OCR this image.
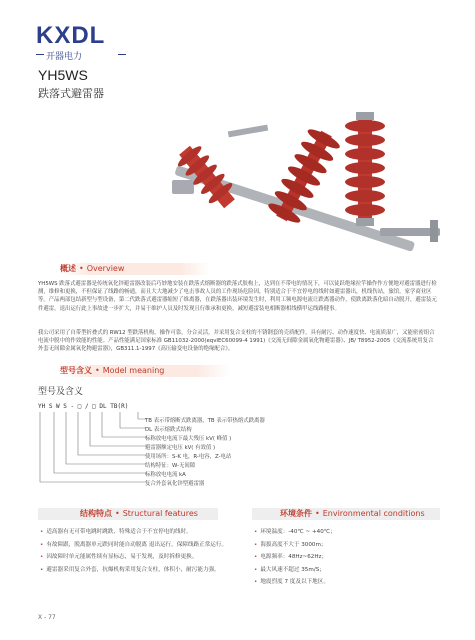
KXDL
开器电力
YH5WS
跌落式避雷器
概述 • Overview
YH5WS 跌落式避雷器是传统氧化锌避雷器改装后巧妙地安装在跌落式熔断器的跌落式肢构上，达到在不带电的情况下，可以徒跃绝缘拉竿操作作方便地对避雷器进行检测，维修和更换，不但保证了线路的畅通，而且大大地减少了电击事故人员的工作现场危险因，特别适合于不宜停电的线时如避雷器出，机线伤站，旅馆，家学商业区等。产品两部包结新型与型设备，第二代跌落式避雷器缩短了维离器，在跌落器出装环境发生时，利用工频电源电流让跌离器动作，使跌离跌落化暗自动脱开，避雷装元件避雷，退出运行此上事故进一步扩大，并易于维护人员及时发现且行维承和更换，减短避雷装电相断器相线横甲运线路健事。
我公司采用了自带型折叠式的 RW12 型跌落机构，操作可靠，分合灵活，并采用复合支柱的不锈钢套的壳质配件，具有耐污、动作速度快、电流质湿广，又能密密组合电流中脱中的作效能的性能。产品性能满足国家标准 GB11032-2000(eqvIEC60099-4 1991)《交流无间隙金属氧化物避雷器》、JB/ T8952-2005《交流系统用复合外套无间隙金属氧化物避雷器》，GB311.1-1997《高压输变电设备的绝缘配合》。
型号含义 • Model meaning
型号及含义
YH S W S - □ / □ DL TB(R)
TB 表示带熔断式跌离器，TB 表示带热熔式跌离器
DL 表示熔跌式结构
标称放电电流下最大残压 kV( 峰值 )
避雷器额定电压 kV( 有效值 )
使用场所：S-K 电，R-电容，Z-电站
结构特征：W-无间隙
标称放电电流 kA
复合外套氧化锌型避雷器
结构特点 • Structural features
• 适高器有无可带电跳时跳跌、特殊适合于不宜停电的线时。
• 有故障跟，脱离器单元跌同时能自动脱离 退出运行，保障线路正常运行。
• 因故障时单元能属性续有显标志，易于发现，及时拆修更换。
• 避雷器采用复合外套，抗爆机构采用复合支柱，体积小，耐污能力强。
环境条件 • Environmental conditions
• 环境温度：-40℃ ~ +40℃；
• 海拔高度不大于 3000m；
• 电源频率：48Hz~62Hz；
• 最大风速不超过 35m/S；
• 地震烈度 7 度及以下地区。
X - 77
